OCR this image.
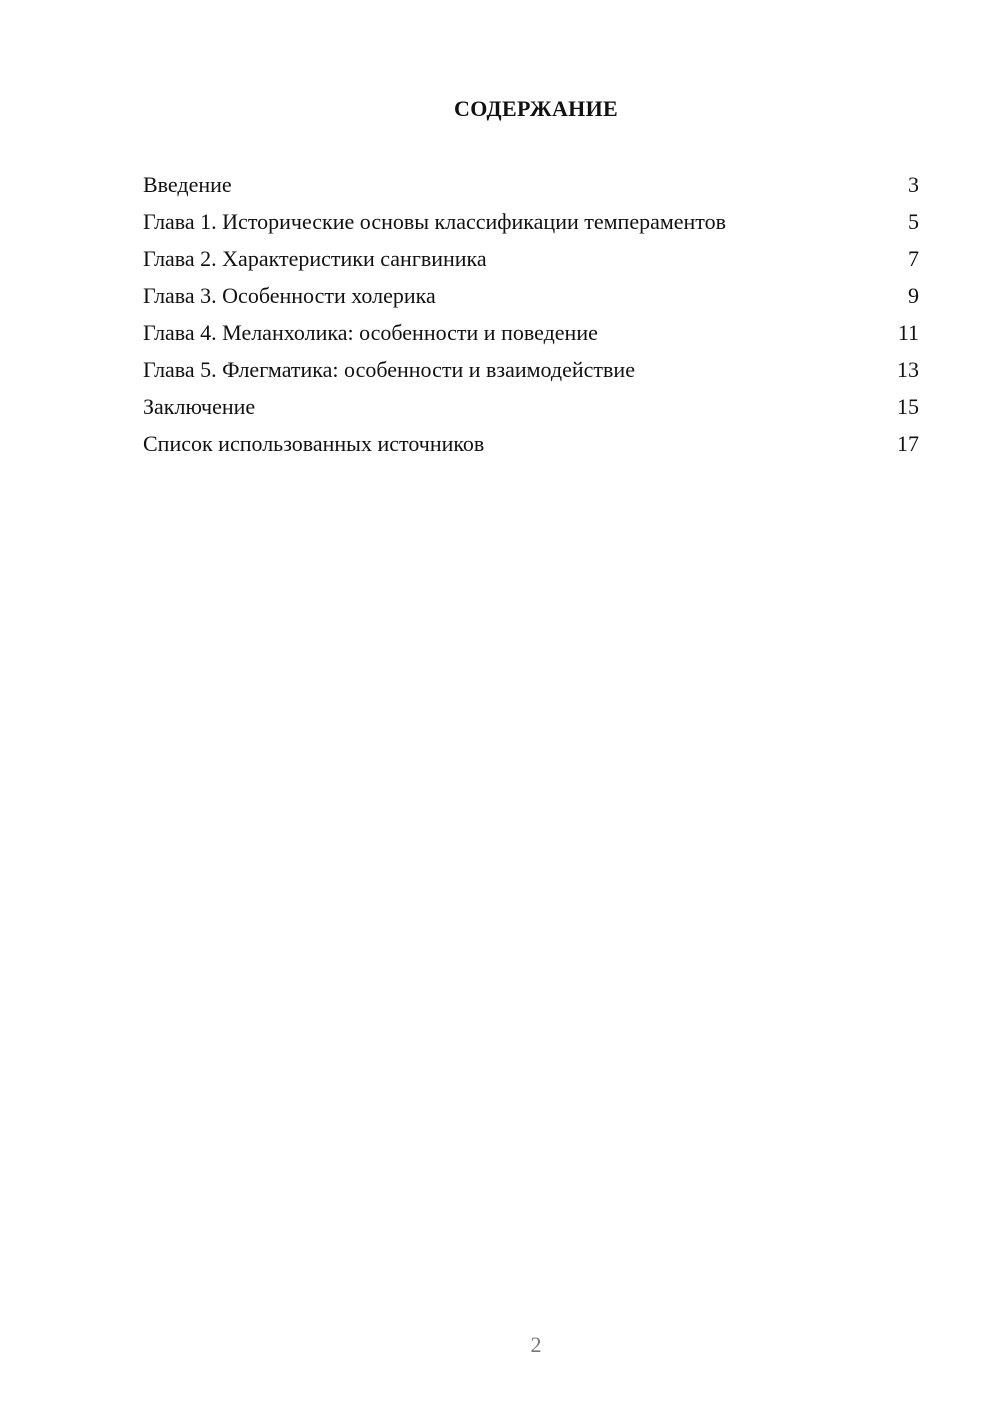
СОДЕРЖАНИЕ
Введение	3
Глава 1. Исторические основы классификации темпераментов	5
Глава 2. Характеристики сангвиника	7
Глава 3. Особенности холерика	9
Глава 4. Меланхолика: особенности и поведение	11
Глава 5. Флегматика: особенности и взаимодействие	13
Заключение	15
Список использованных источников	17
2
